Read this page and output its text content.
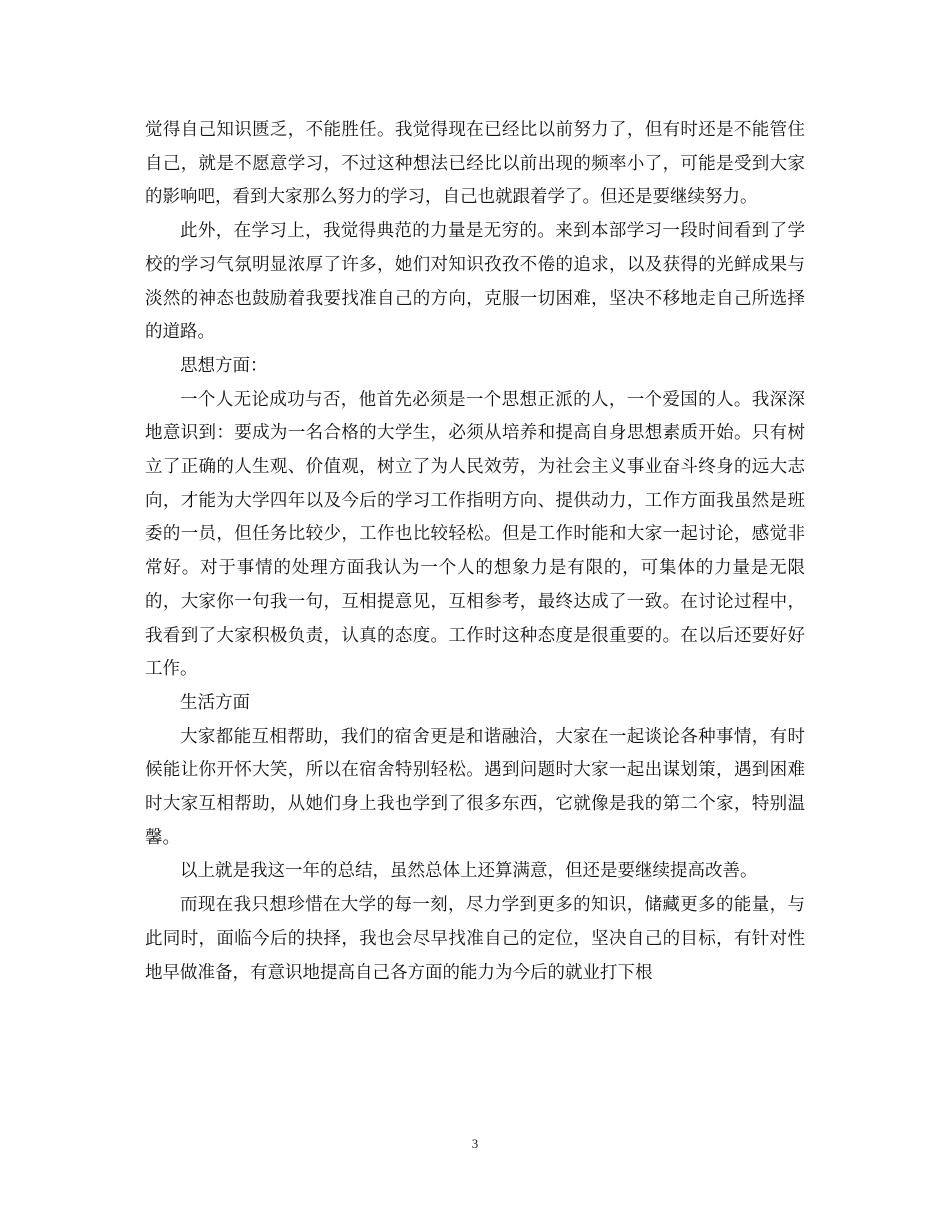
觉得自己知识匮乏，不能胜任。我觉得现在已经比以前努力了，但有时还是不能管住自己，就是不愿意学习，不过这种想法已经比以前出现的频率小了，可能是受到大家的影响吧，看到大家那么努力的学习，自己也就跟着学了。但还是要继续努力。

此外，在学习上，我觉得典范的力量是无穷的。来到本部学习一段时间看到了学校的学习气氛明显浓厚了许多，她们对知识孜孜不倦的追求，以及获得的光鲜成果与淡然的神态也鼓励着我要找准自己的方向，克服一切困难，坚决不移地走自己所选择的道路。

思想方面：

一个人无论成功与否，他首先必须是一个思想正派的人，一个爱国的人。我深深地意识到：要成为一名合格的大学生，必须从培养和提高自身思想素质开始。只有树立了正确的人生观、价值观，树立了为人民效劳，为社会主义事业奋斗终身的远大志向，才能为大学四年以及今后的学习工作指明方向、提供动力，工作方面我虽然是班委的一员，但任务比较少，工作也比较轻松。但是工作时能和大家一起讨论，感觉非常好。对于事情的处理方面我认为一个人的想象力是有限的，可集体的力量是无限的，大家你一句我一句，互相提意见，互相参考，最终达成了一致。在讨论过程中，我看到了大家积极负责，认真的态度。工作时这种态度是很重要的。在以后还要好好工作。

生活方面

大家都能互相帮助，我们的宿舍更是和谐融洽，大家在一起谈论各种事情，有时候能让你开怀大笑，所以在宿舍特别轻松。遇到问题时大家一起出谋划策，遇到困难时大家互相帮助，从她们身上我也学到了很多东西，它就像是我的第二个家，特别温馨。

以上就是我这一年的总结，虽然总体上还算满意，但还是要继续提高改善。

而现在我只想珍惜在大学的每一刻，尽力学到更多的知识，储藏更多的能量，与此同时，面临今后的抉择，我也会尽早找准自己的定位，坚决自己的目标，有针对性地早做准备，有意识地提高自己各方面的能力为今后的就业打下根

3
